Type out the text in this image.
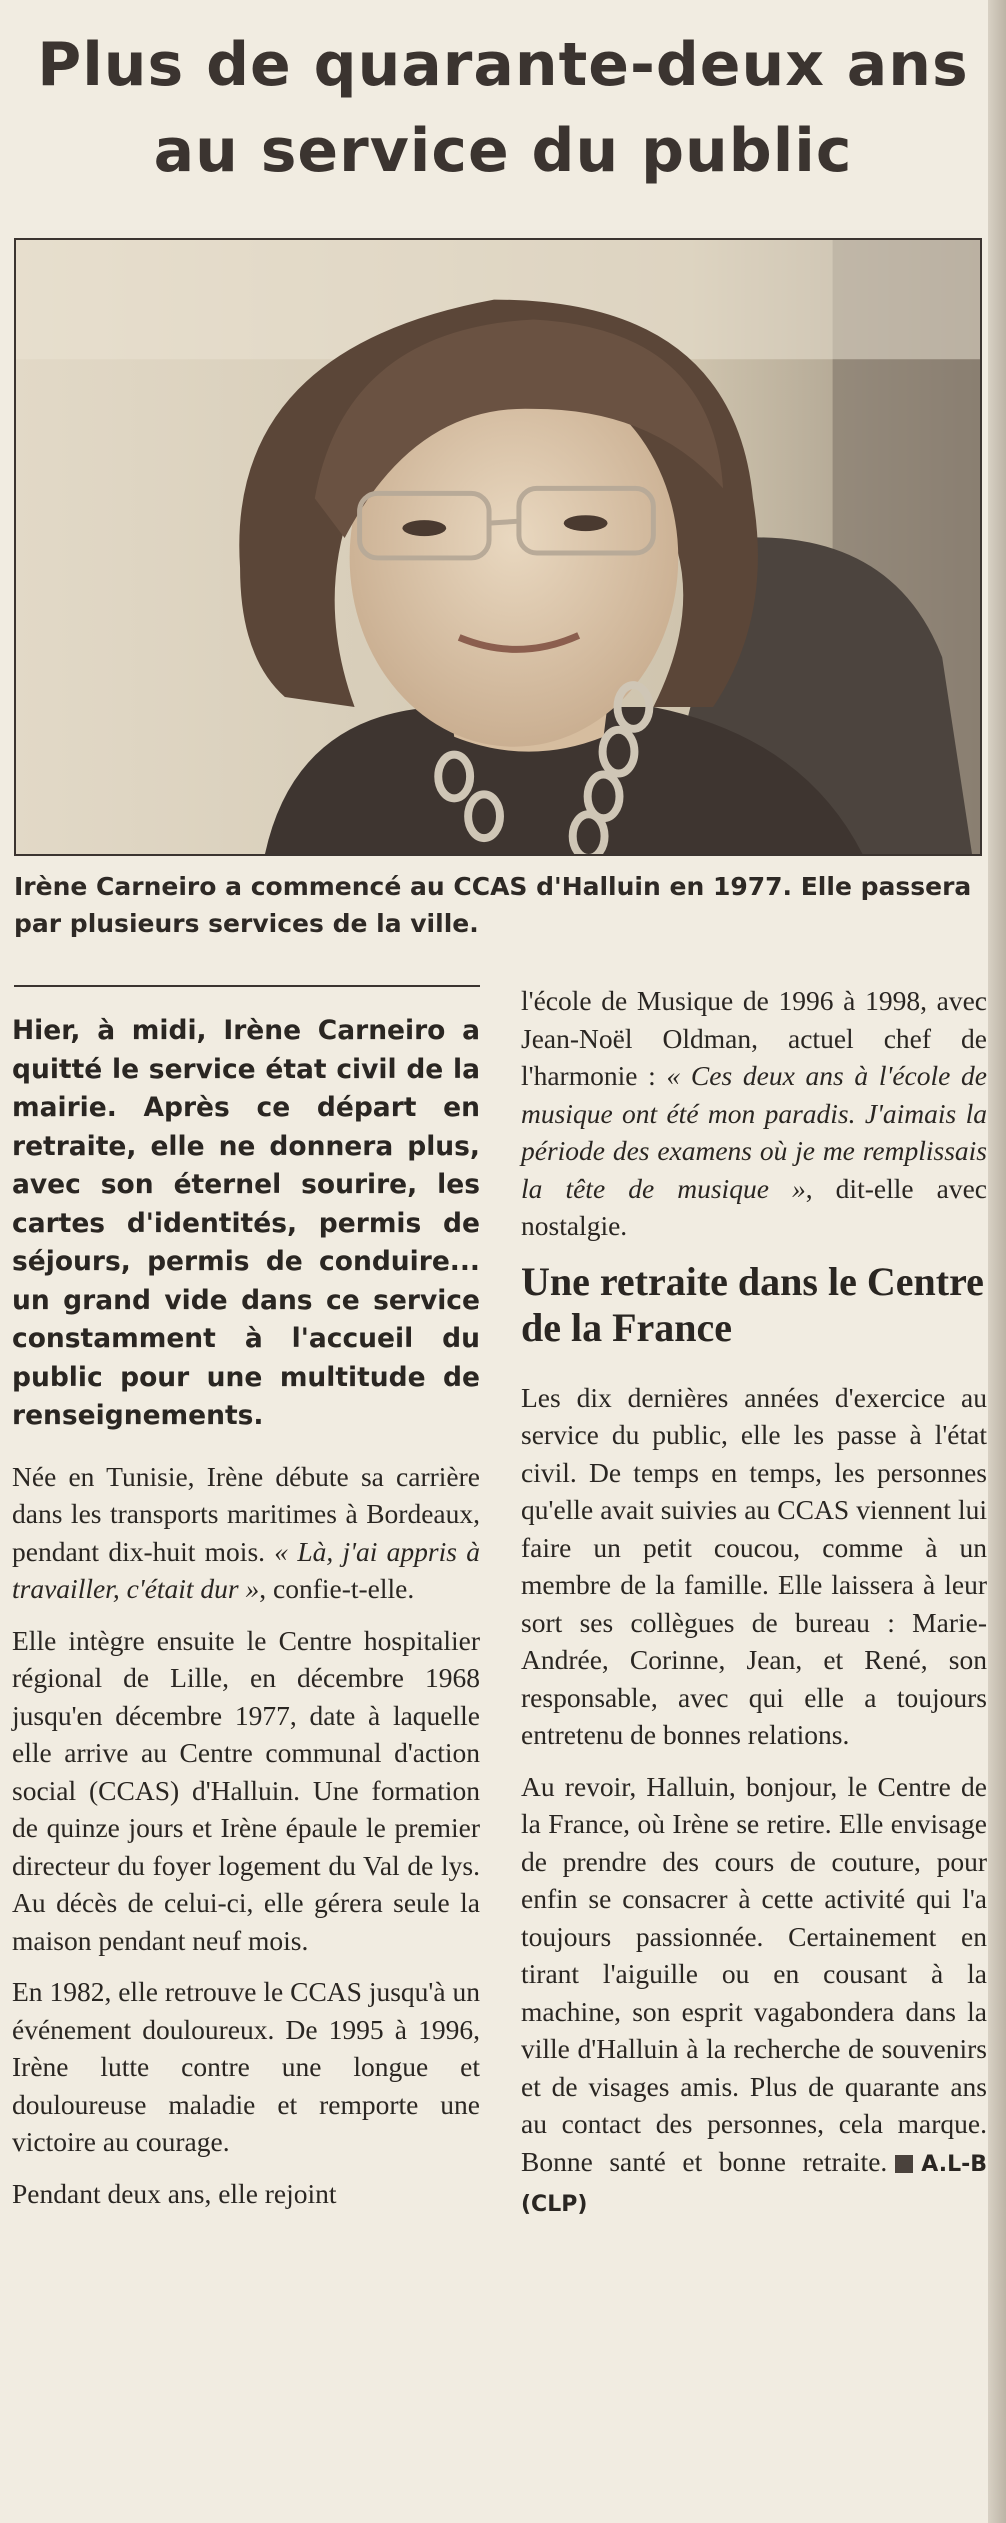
Plus de quarante-deux ans
au service du public
Irène Carneiro a commencé au CCAS d'Halluin en 1977. Elle passera par plusieurs services de la ville.

Hier, à midi, Irène Carneiro a quitté le service état civil de la mairie. Après ce départ en retraite, elle ne donnera plus, avec son éternel sourire, les cartes d'identités, permis de séjours, permis de conduire... un grand vide dans ce service constamment à l'accueil du public pour une multitude de renseignements.

Née en Tunisie, Irène débute sa carrière dans les transports maritimes à Bordeaux, pendant dix-huit mois. « Là, j'ai appris à travailler, c'était dur », confie-t-elle.

Elle intègre ensuite le Centre hospitalier régional de Lille, en décembre 1968 jusqu'en décembre 1977, date à laquelle elle arrive au Centre communal d'action social (CCAS) d'Halluin. Une formation de quinze jours et Irène épaule le premier directeur du foyer logement du Val de lys. Au décès de celui-ci, elle gérera seule la maison pendant neuf mois.

En 1982, elle retrouve le CCAS jusqu'à un événement douloureux. De 1995 à 1996, Irène lutte contre une longue et douloureuse maladie et remporte une victoire au courage.

Pendant deux ans, elle rejoint

l'école de Musique de 1996 à 1998, avec Jean-Noël Oldman, actuel chef de l'harmonie : « Ces deux ans à l'école de musique ont été mon paradis. J'aimais la période des examens où je me remplissais la tête de musique », dit-elle avec nostalgie.

Une retraite dans le Centre de la France

Les dix dernières années d'exercice au service du public, elle les passe à l'état civil. De temps en temps, les personnes qu'elle avait suivies au CCAS viennent lui faire un petit coucou, comme à un membre de la famille. Elle laissera à leur sort ses collègues de bureau : Marie-Andrée, Corinne, Jean, et René, son responsable, avec qui elle a toujours entretenu de bonnes relations.

Au revoir, Halluin, bonjour, le Centre de la France, où Irène se retire. Elle envisage de prendre des cours de couture, pour enfin se consacrer à cette activité qui l'a toujours passionnée. Certainement en tirant l'aiguille ou en cousant à la machine, son esprit vagabondera dans la ville d'Halluin à la recherche de souvenirs et de visages amis. Plus de quarante ans au contact des personnes, cela marque. Bonne santé et bonne retraite. A.L-B (CLP)
